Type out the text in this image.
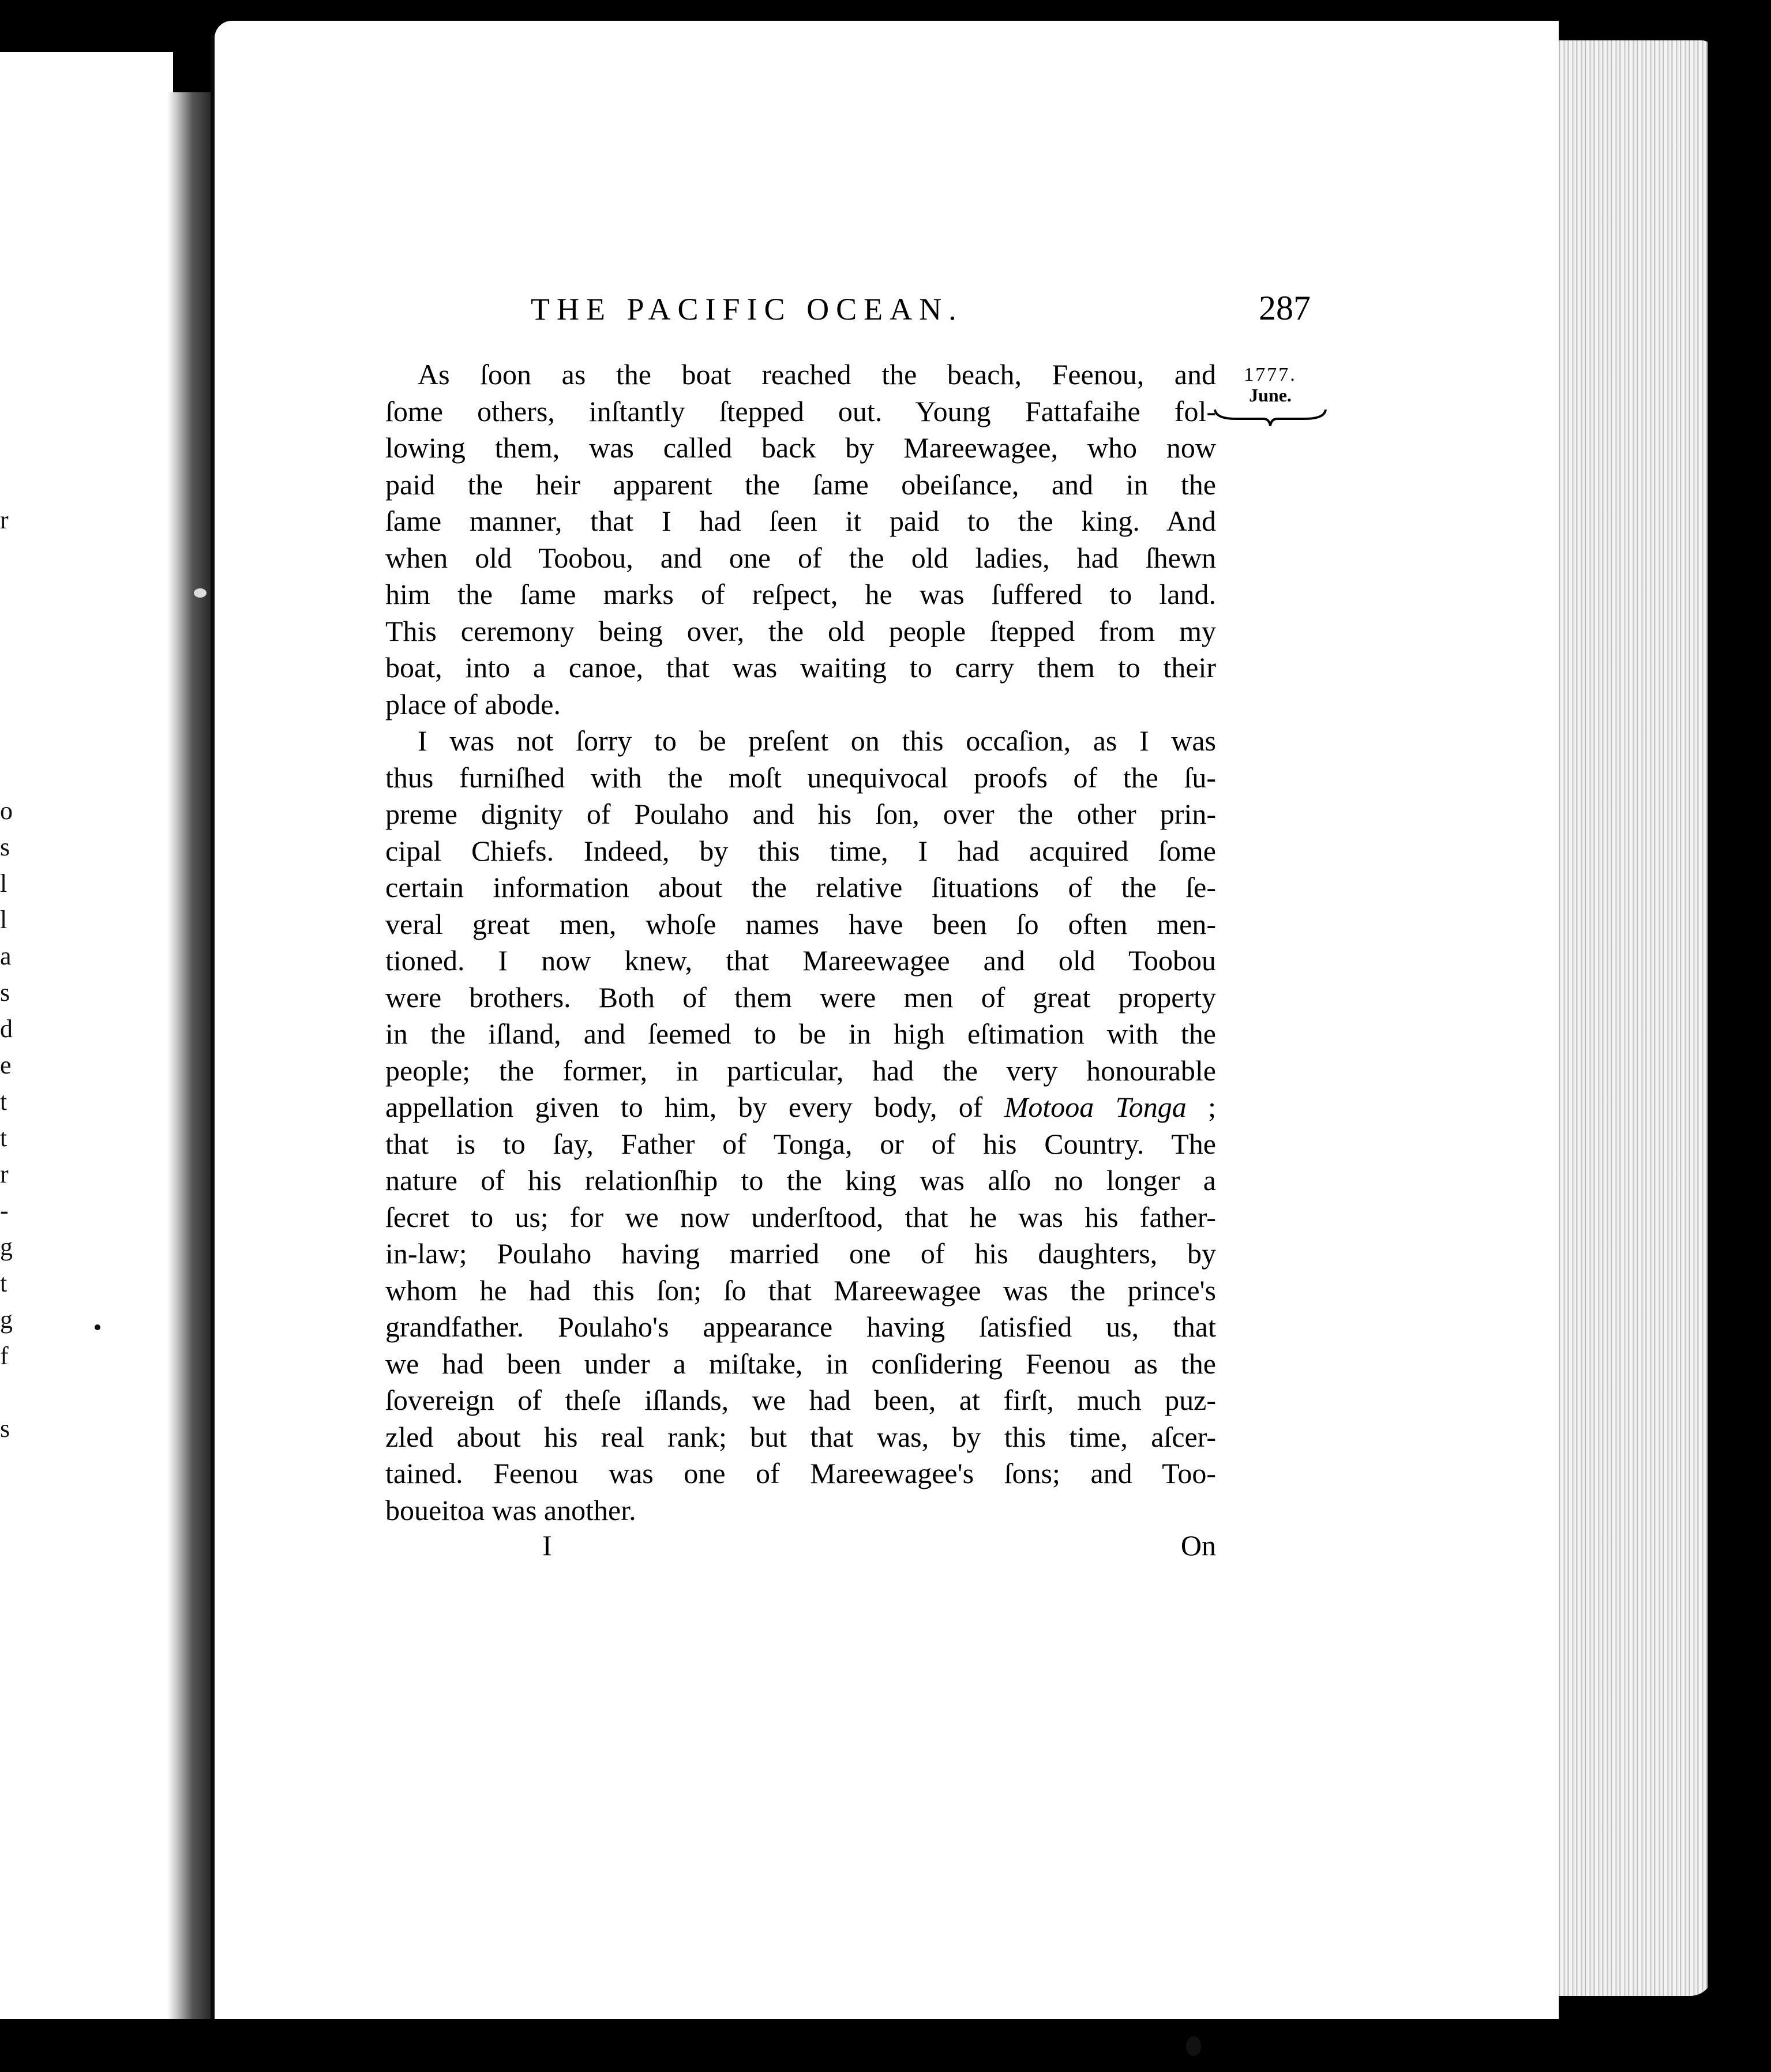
r
o
s
l
l
a
s
d
e
t
t
r
-
g
t
g
f
s
THE PACIFIC OCEAN.	287
1777.
June.
As ſoon as the boat reached the beach, Feenou, and
ſome others, inſtantly ſtepped out. Young Fattafaihe fol-
lowing them, was called back by Mareewagee, who now
paid the heir apparent the ſame obeiſance, and in the
ſame manner, that I had ſeen it paid to the king. And
when old Toobou, and one of the old ladies, had ſhewn
him the ſame marks of reſpect, he was ſuffered to land.
This ceremony being over, the old people ſtepped from my
boat, into a canoe, that was waiting to carry them to their
place of abode.
I was not ſorry to be preſent on this occaſion, as I was
thus furniſhed with the moſt unequivocal proofs of the ſu-
preme dignity of Poulaho and his ſon, over the other prin-
cipal Chiefs. Indeed, by this time, I had acquired ſome
certain information about the relative ſituations of the ſe-
veral great men, whoſe names have been ſo often men-
tioned. I now knew, that Mareewagee and old Toobou
were brothers. Both of them were men of great property
in the iſland, and ſeemed to be in high eſtimation with the
people; the former, in particular, had the very honourable
appellation given to him, by every body, of Motooa Tonga ;
that is to ſay, Father of Tonga, or of his Country. The
nature of his relationſhip to the king was alſo no longer a
ſecret to us; for we now underſtood, that he was his father-
in-law; Poulaho having married one of his daughters, by
whom he had this ſon; ſo that Mareewagee was the prince's
grandfather. Poulaho's appearance having ſatisfied us, that
we had been under a miſtake, in conſidering Feenou as the
ſovereign of theſe iſlands, we had been, at firſt, much puz-
zled about his real rank; but that was, by this time, aſcer-
tained. Feenou was one of Mareewagee's ſons; and Too-
boueitoa was another.
I	On
